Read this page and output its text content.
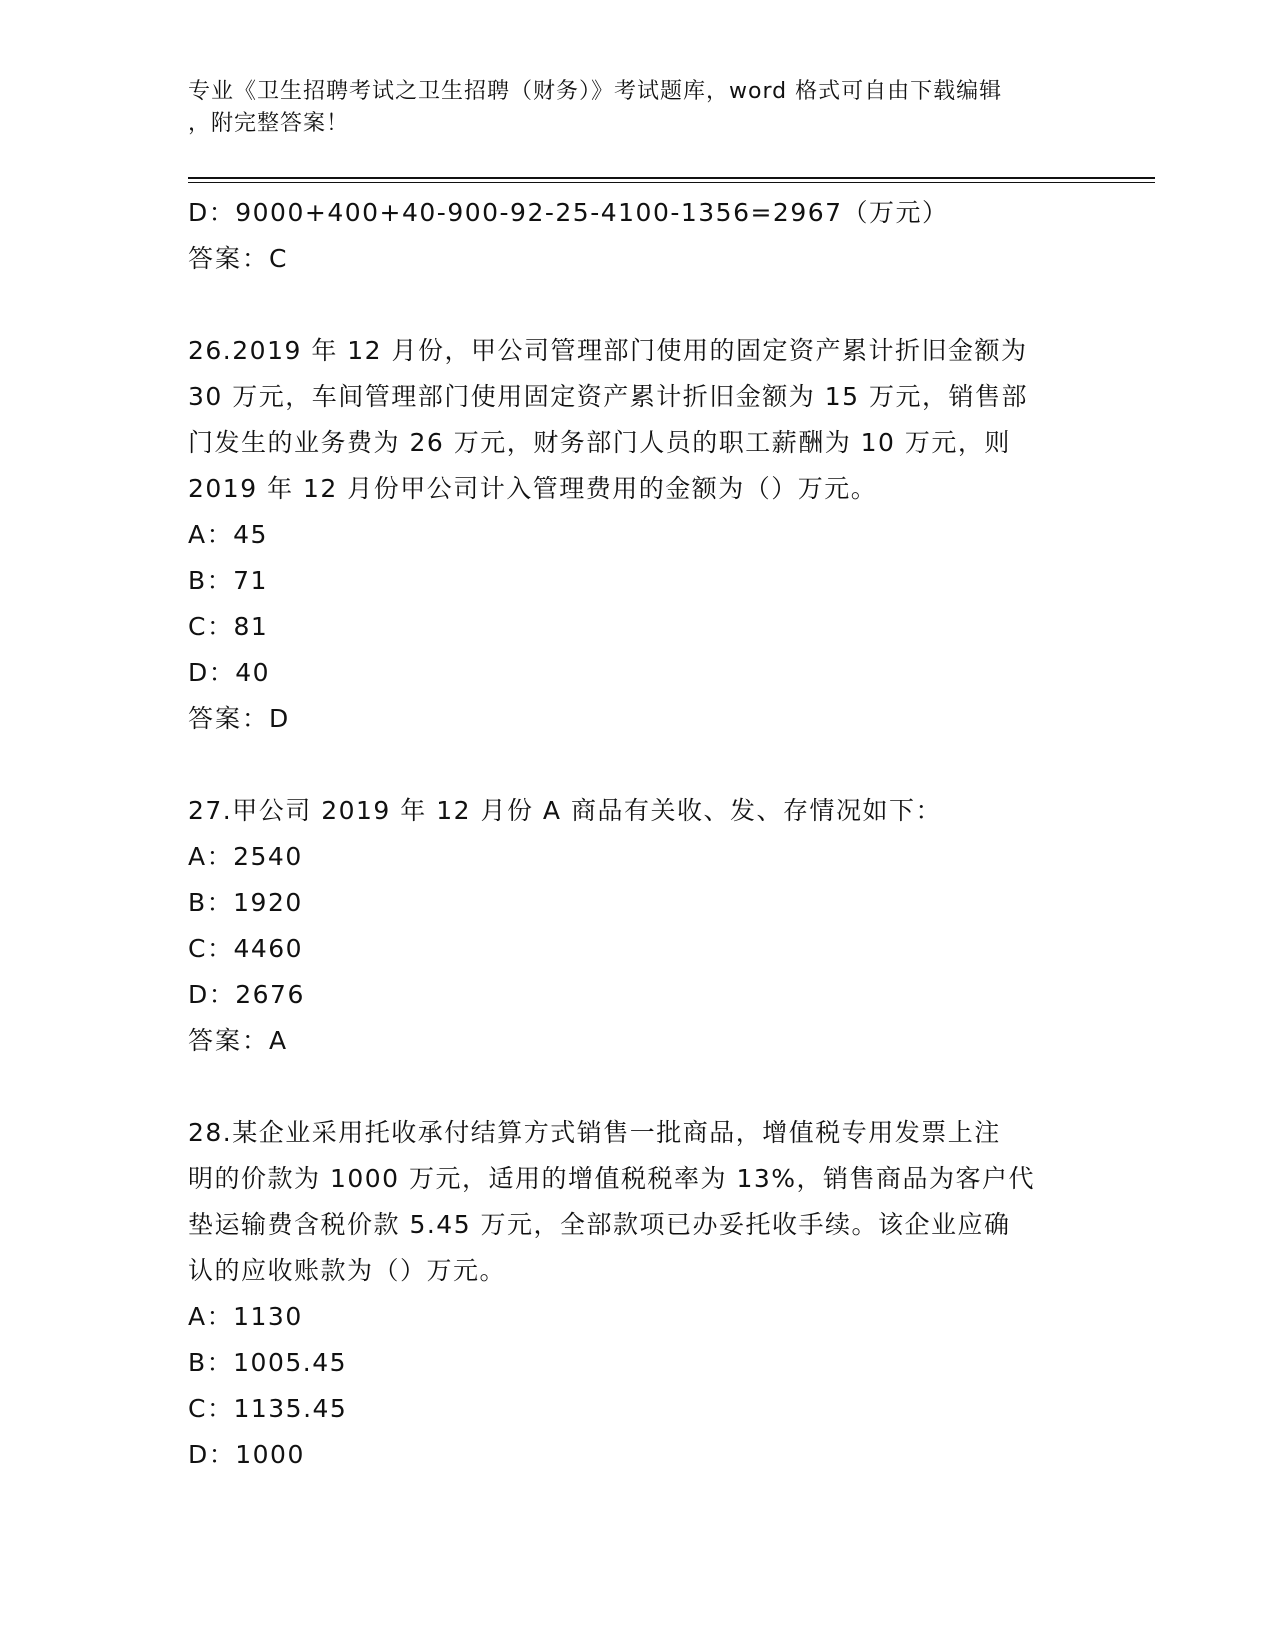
专业《卫生招聘考试之卫生招聘（财务）》考试题库，word 格式可自由下载编辑
，附完整答案！
D：9000+400+40-900-92-25-4100-1356=2967（万元）
答案：C
26.2019 年 12 月份，甲公司管理部门使用的固定资产累计折旧金额为
30 万元，车间管理部门使用固定资产累计折旧金额为 15 万元，销售部
门发生的业务费为 26 万元，财务部门人员的职工薪酬为 10 万元，则
2019 年 12 月份甲公司计入管理费用的金额为（）万元。
A：45
B：71
C：81
D：40
答案：D
27.甲公司 2019 年 12 月份 A 商品有关收、发、存情况如下：
A：2540
B：1920
C：4460
D：2676
答案：A
28.某企业采用托收承付结算方式销售一批商品，增值税专用发票上注
明的价款为 1000 万元，适用的增值税税率为 13%，销售商品为客户代
垫运输费含税价款 5.45 万元，全部款项已办妥托收手续。该企业应确
认的应收账款为（）万元。
A：1130
B：1005.45
C：1135.45
D：1000
